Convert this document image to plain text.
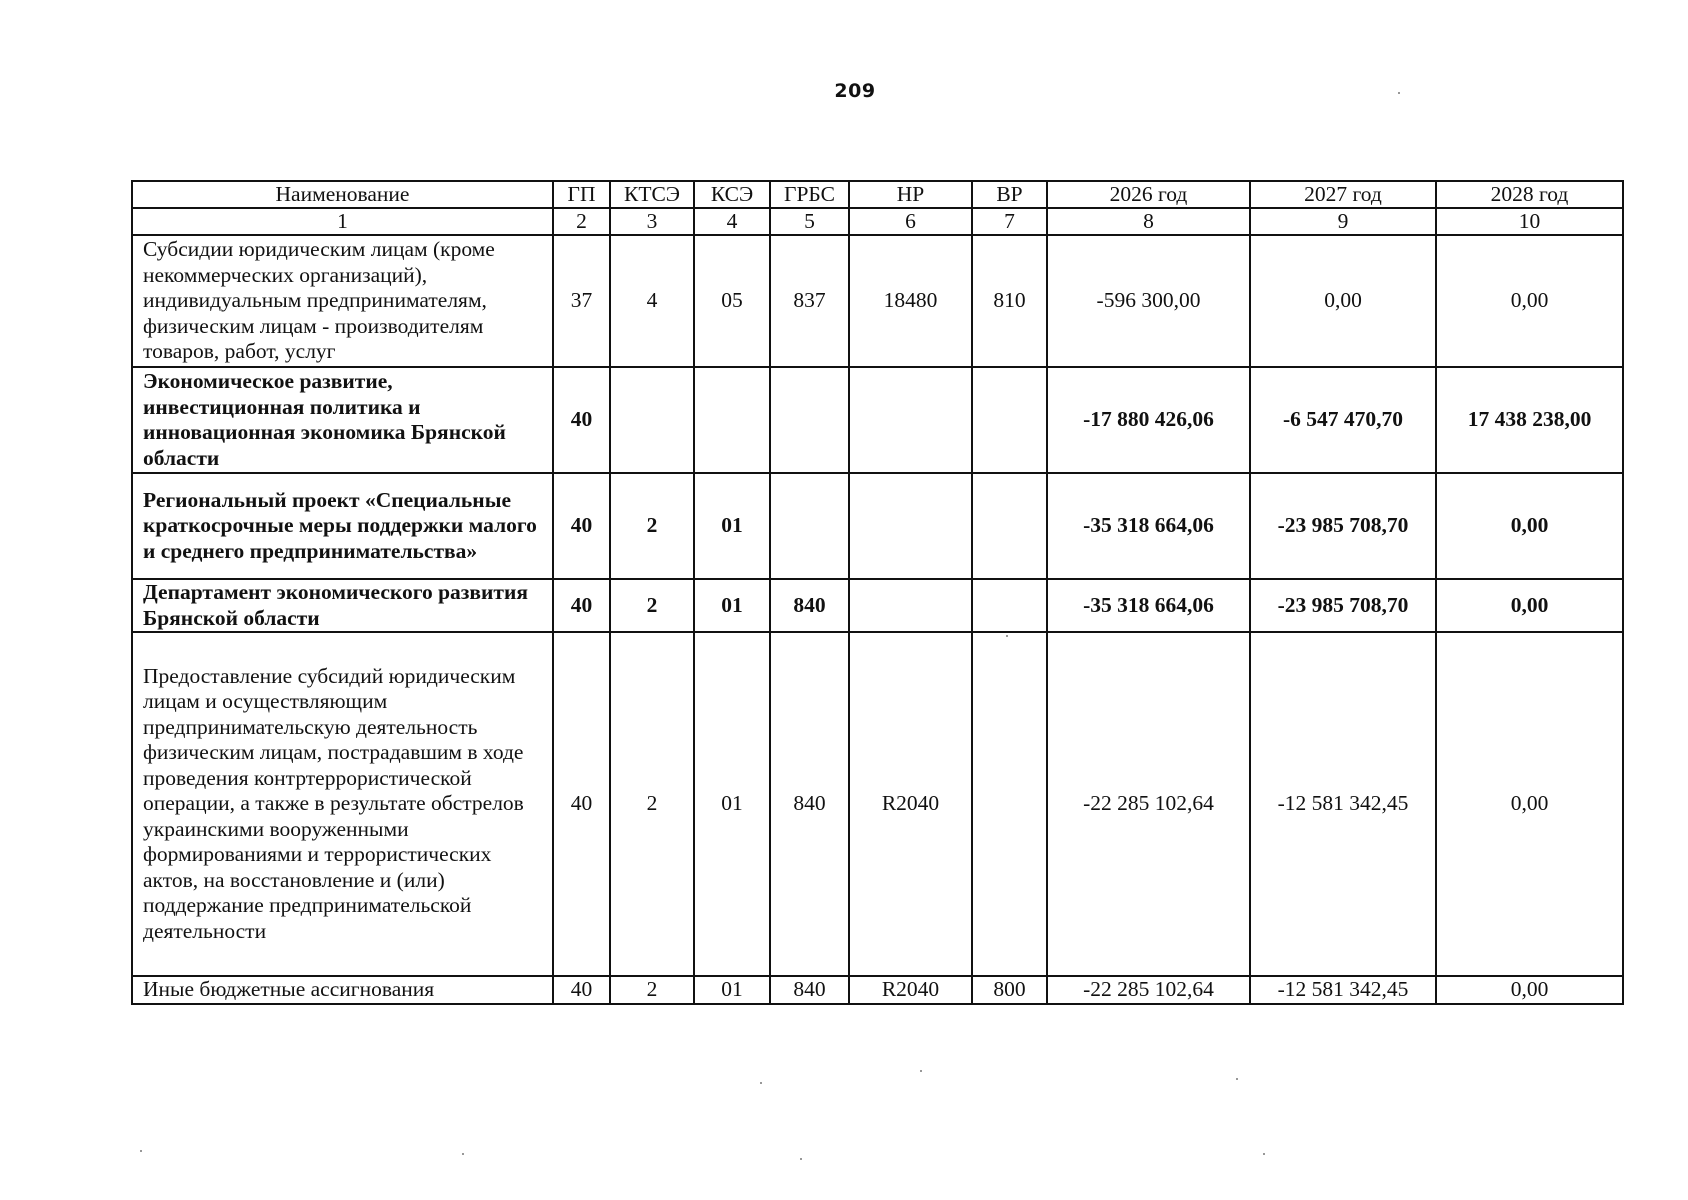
209
Наименование	ГП	КТСЭ	КСЭ	ГРБС	НР	ВР	2026 год	2027 год	2028 год
1	2	3	4	5	6	7	8	9	10
Субсидии юридическим лицам (кроме некоммерческих организаций), индивидуальным предпринимателям, физическим лицам - производителям товаров, работ, услуг	37	4	05	837	18480	810	-596 300,00	0,00	0,00
Экономическое развитие, инвестиционная политика и инновационная экономика Брянской области	40						-17 880 426,06	-6 547 470,70	17 438 238,00
Региональный проект «Специальные краткосрочные меры поддержки малого и среднего предпринимательства»	40	2	01				-35 318 664,06	-23 985 708,70	0,00
Департамент экономического развития Брянской области	40	2	01	840			-35 318 664,06	-23 985 708,70	0,00
Предоставление субсидий юридическим лицам и осуществляющим предпринимательскую деятельность физическим лицам, пострадавшим в ходе проведения контртеррористической операции, а также в результате обстрелов украинскими вооруженными формированиями и террористических актов, на восстановление и (или) поддержание предпринимательской деятельности	40	2	01	840	R2040		-22 285 102,64	-12 581 342,45	0,00
Иные бюджетные ассигнования	40	2	01	840	R2040	800	-22 285 102,64	-12 581 342,45	0,00
